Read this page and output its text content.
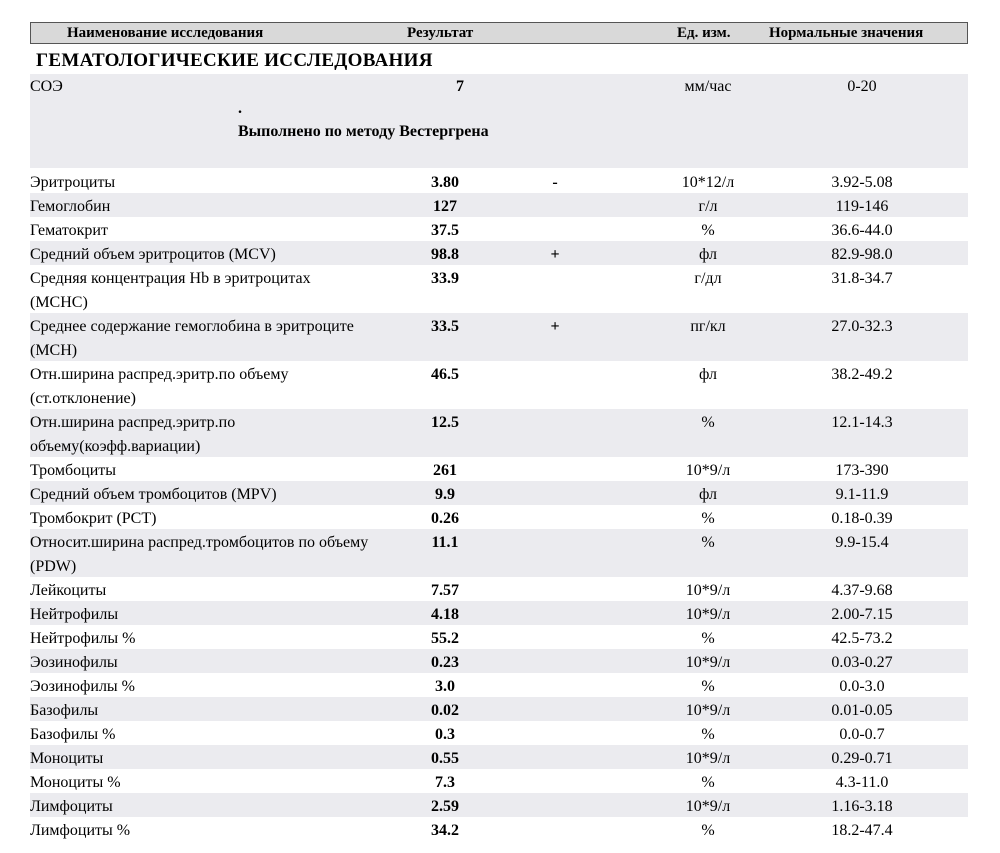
Наименование исследования	Результат	Ед. изм.	Нормальные значения
ГЕМАТОЛОГИЧЕСКИЕ ИССЛЕДОВАНИЯ
СОЭ	7	мм/час	0-20
.
Выполнено по методу Вестергрена
Эритроциты	3.80	-	10*12/л	3.92-5.08
Гемоглобин	127	г/л	119-146
Гематокрит	37.5	%	36.6-44.0
Средний объем эритроцитов (MCV)	98.8	+	фл	82.9-98.0
Средняя концентрация Hb в эритроцитах (MCHC)
33.9	г/дл	31.8-34.7
Среднее содержание гемоглобина в эритроците (MCH)
33.5	+	пг/кл	27.0-32.3
Отн.ширина распред.эритр.по объему (ст.отклонение)
46.5	фл	38.2-49.2
Отн.ширина распред.эритр.по объему(коэфф.вариации)
12.5	%	12.1-14.3
Тромбоциты	261	10*9/л	173-390
Средний объем тромбоцитов (MPV)	9.9	фл	9.1-11.9
Тромбокрит (PCT)	0.26	%	0.18-0.39
Относит.ширина распред.тромбоцитов по объему (PDW)
11.1	%	9.9-15.4
Лейкоциты	7.57	10*9/л	4.37-9.68
Нейтрофилы	4.18	10*9/л	2.00-7.15
Нейтрофилы %	55.2	%	42.5-73.2
Эозинофилы	0.23	10*9/л	0.03-0.27
Эозинофилы %	3.0	%	0.0-3.0
Базофилы	0.02	10*9/л	0.01-0.05
Базофилы %	0.3	%	0.0-0.7
Моноциты	0.55	10*9/л	0.29-0.71
Моноциты %	7.3	%	4.3-11.0
Лимфоциты	2.59	10*9/л	1.16-3.18
Лимфоциты %	34.2	%	18.2-47.4
